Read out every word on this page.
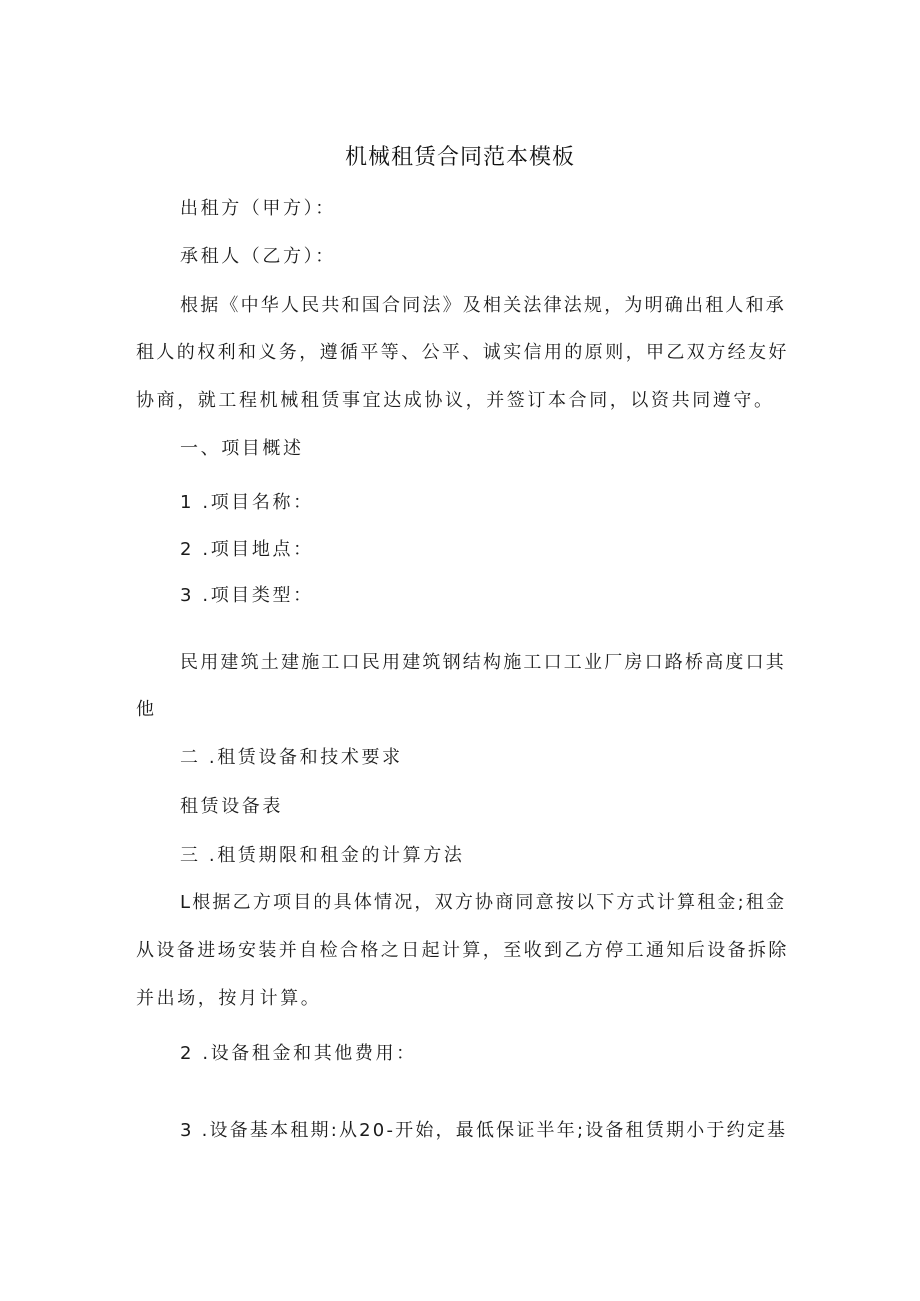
机械租赁合同范本模板
出租方（甲方）：
承租人（乙方）：
根据《中华人民共和国合同法》及相关法律法规，为明确出租人和承
租人的权利和义务，遵循平等、公平、诚实信用的原则，甲乙双方经友好
协商，就工程机械租赁事宜达成协议，并签订本合同，以资共同遵守。
一、项目概述
1 .项目名称：
2 .项目地点：
3 .项目类型：
民用建筑土建施工口民用建筑钢结构施工口工业厂房口路桥高度口其
他
二 .租赁设备和技术要求
租赁设备表
三 .租赁期限和租金的计算方法
L根据乙方项目的具体情况，双方协商同意按以下方式计算租金;租金
从设备进场安装并自检合格之日起计算，至收到乙方停工通知后设备拆除
并出场，按月计算。
2 .设备租金和其他费用：
3 .设备基本租期:从20-开始，最低保证半年;设备租赁期小于约定基
